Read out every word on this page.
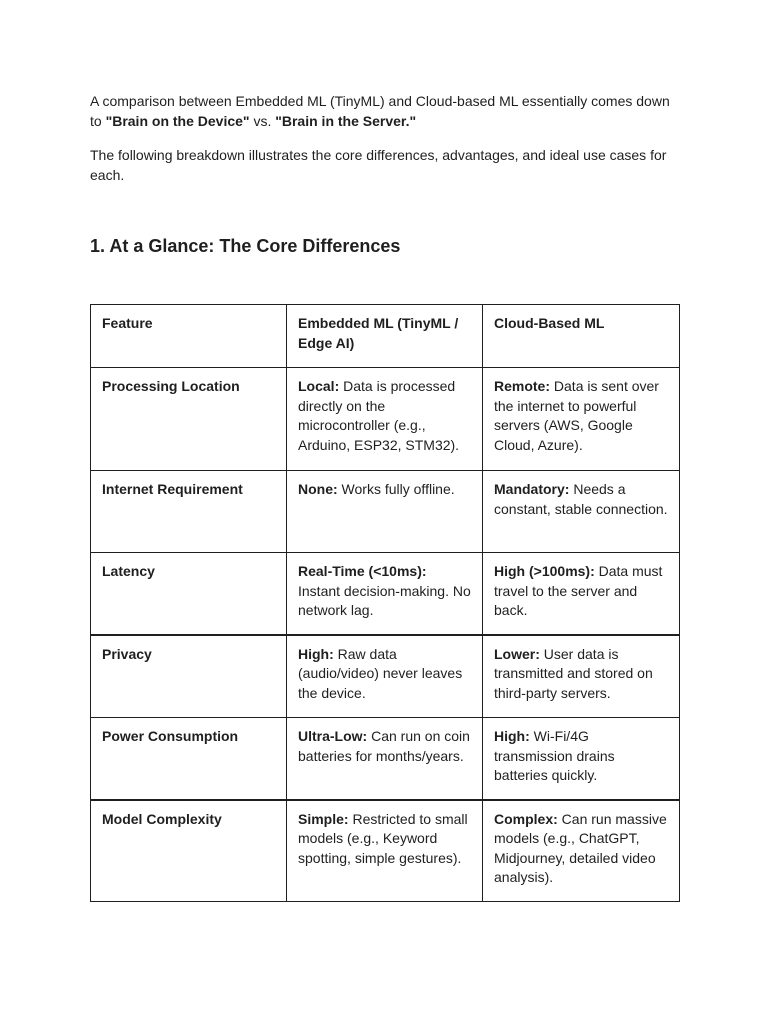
A comparison between Embedded ML (TinyML) and Cloud-based ML essentially comes down to "Brain on the Device" vs. "Brain in the Server."

The following breakdown illustrates the core differences, advantages, and ideal use cases for each.

1. At a Glance: The Core Differences
Feature	Embedded ML (TinyML / Edge AI)	Cloud-Based ML
Processing Location	Local: Data is processed directly on the microcontroller (e.g., Arduino, ESP32, STM32).	Remote: Data is sent over the internet to powerful servers (AWS, Google Cloud, Azure).
Internet Requirement	None: Works fully offline.	Mandatory: Needs a constant, stable connection.
Latency	Real-Time (<10ms): Instant decision-making. No network lag.	High (>100ms): Data must travel to the server and back.
Privacy	High: Raw data (audio/video) never leaves the device.	Lower: User data is transmitted and stored on third-party servers.
Power Consumption	Ultra-Low: Can run on coin batteries for months/years.	High: Wi-Fi/4G transmission drains batteries quickly.
Model Complexity	Simple: Restricted to small models (e.g., Keyword spotting, simple gestures).	Complex: Can run massive models (e.g., ChatGPT, Midjourney, detailed video analysis).
